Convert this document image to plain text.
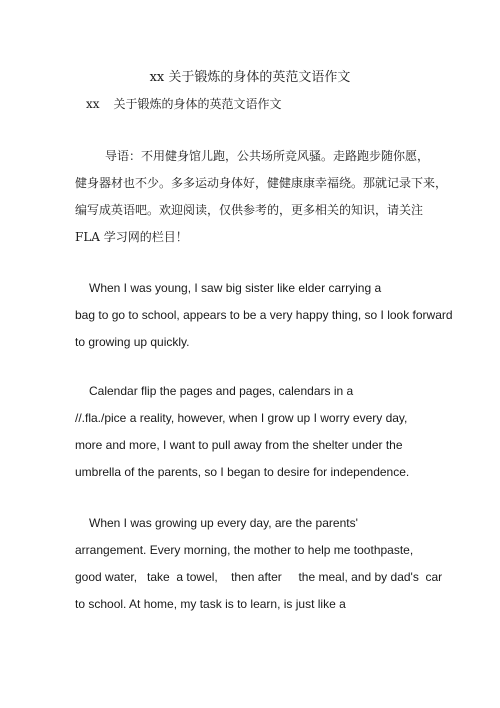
xx 关于锻炼的身体的英范文语作文
xx 关于锻炼的身体的英范文语作文
导语：不用健身馆儿跑，公共场所竞风骚。走路跑步随你愿，
健身器材也不少。多多运动身体好，健健康康幸福绕。那就记录下来，
编写成英语吧。欢迎阅读，仅供参考的，更多相关的知识，请关注
FLA 学习网的栏目！
When I was young, I saw big sister like elder carrying a
bag to go to school, appears to be a very happy thing, so I look forward
to growing up quickly.
Calendar flip the pages and pages, calendars in a
//.fla./pice a reality, however, when I grow up I worry every day,
more and more, I want to pull away from the shelter under the
umbrella of the parents, so I began to desire for independence.
When I was growing up every day, are the parents'
arrangement. Every morning, the mother to help me toothpaste,
good water,   take  a towel,    then after     the meal, and by dad's  car
to school. At home, my task is to learn, is just like a
